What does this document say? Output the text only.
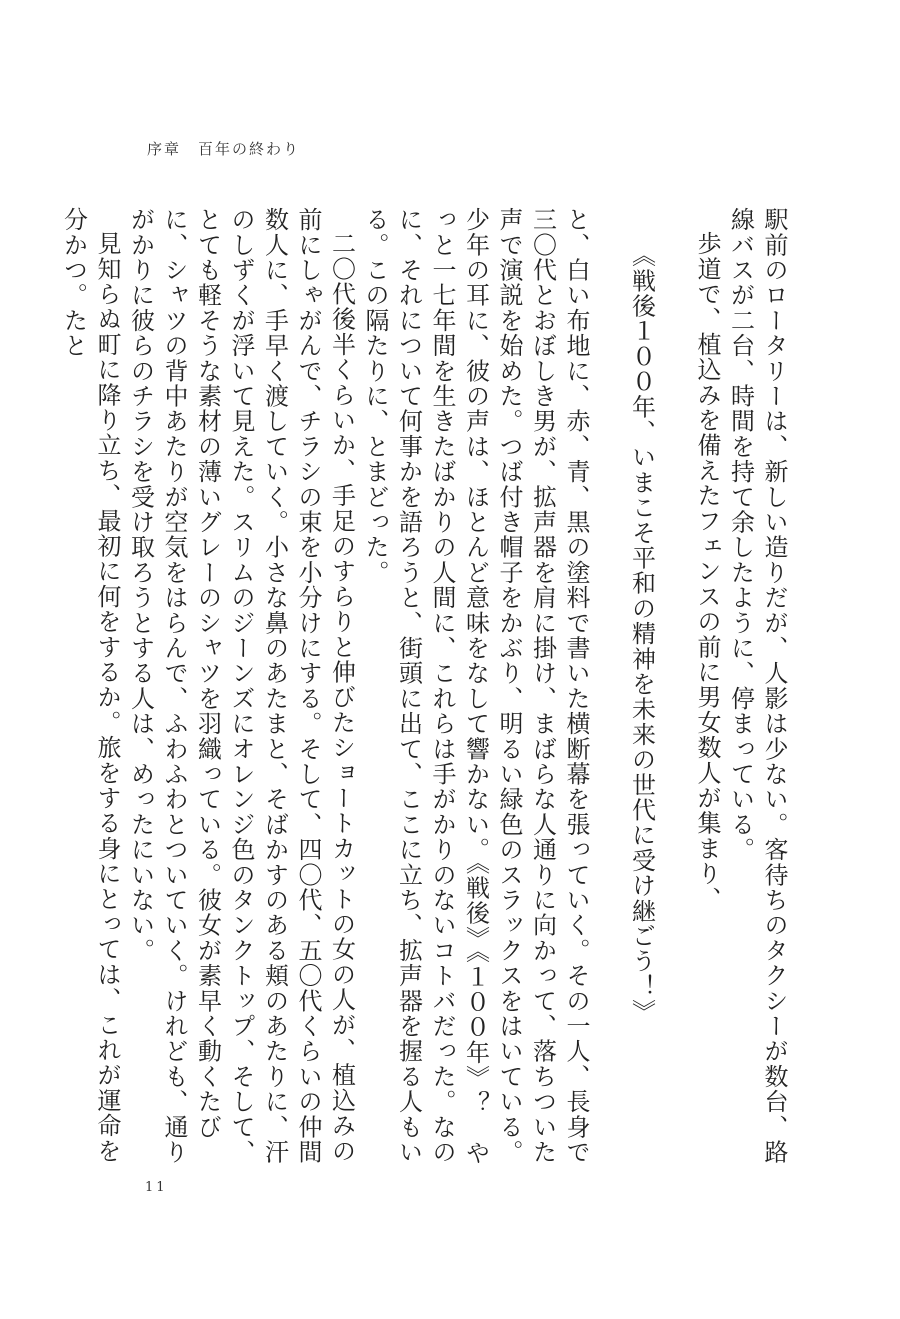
序章　百年の終わり

駅前のロータリーは、新しい造りだが、人影は少ない。客待ちのタクシーが数台、路線バスが二台、時間を持て余したように、停まっている。

歩道で、植込みを備えたフェンスの前に男女数人が集まり、

《戦後１００年、いまこそ平和の精神を未来の世代に受け継ごう！》

と、白い布地に、赤、青、黒の塗料で書いた横断幕を張っていく。その一人、長身で三〇代とおぼしき男が、拡声器を肩に掛け、まばらな人通りに向かって、落ちついた声で演説を始めた。つば付き帽子をかぶり、明るい緑色のスラックスをはいている。少年の耳に、彼の声は、ほとんど意味をなして響かない。《戦後》《１００年》？　やっと一七年間を生きたばかりの人間に、これらは手がかりのないコトバだった。なのに、それについて何事かを語ろうと、街頭に出て、ここに立ち、拡声器を握る人もいる。この隔たりに、とまどった。

二〇代後半くらいか、手足のすらりと伸びたショートカットの女の人が、植込みの前にしゃがんで、チラシの束を小分けにする。そして、四〇代、五〇代くらいの仲間数人に、手早く渡していく。小さな鼻のあたまと、そばかすのある頬のあたりに、汗のしずくが浮いて見えた。スリムのジーンズにオレンジ色のタンクトップ、そして、とても軽そうな素材の薄いグレーのシャツを羽織っている。彼女が素早く動くたびに、シャツの背中あたりが空気をはらんで、ふわふわとついていく。けれども、通りがかりに彼らのチラシを受け取ろうとする人は、めったにいない。

見知らぬ町に降り立ち、最初に何をするか。旅をする身にとっては、これが運命を分かつ。たと

11
